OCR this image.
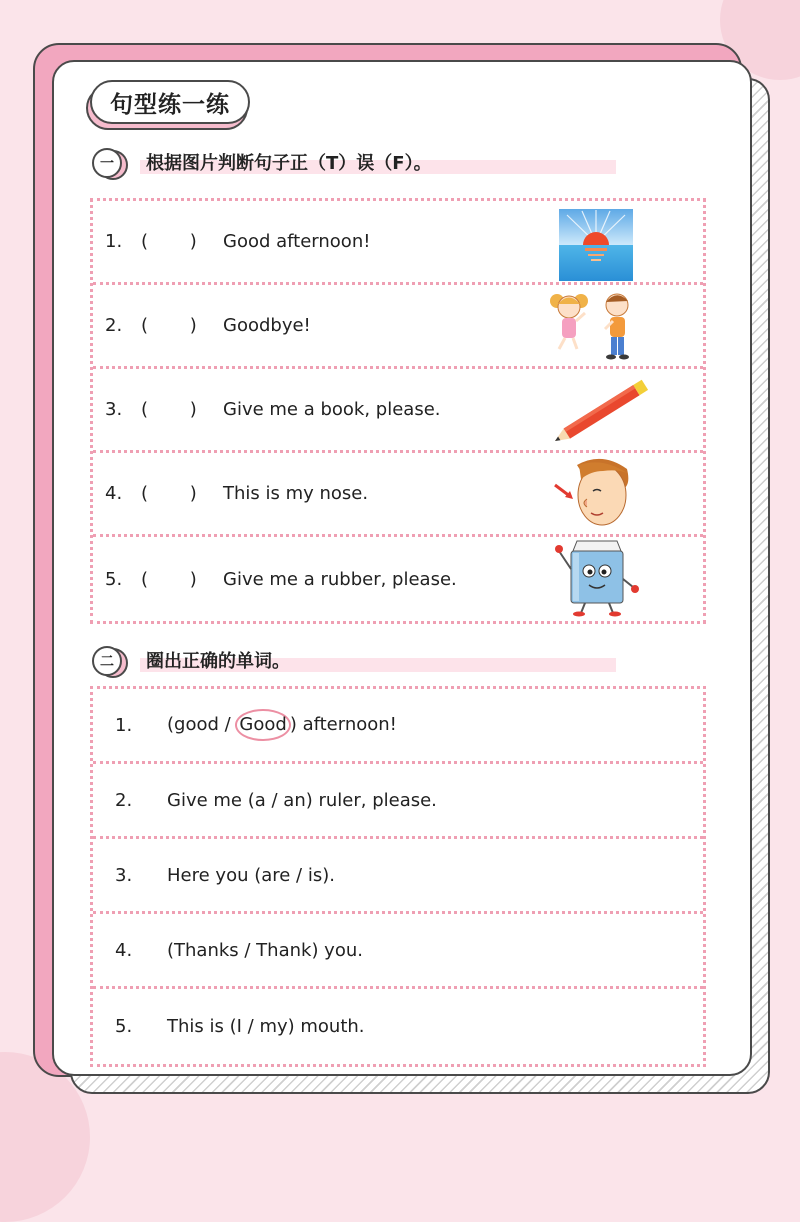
句型练一练
一	根据图片判断句子正（T）误（F）。
1. ( ) Good afternoon!
2. ( ) Goodbye!
3. ( ) Give me a book, please.
4. ( ) This is my nose.
5. ( ) Give me a rubber, please.
二	圈出正确的单词。
1. (good / Good ) afternoon!
2. Give me (a / an) ruler, please.
3. Here you (are / is).
4. (Thanks / Thank) you.
5. This is (I / my) mouth.
